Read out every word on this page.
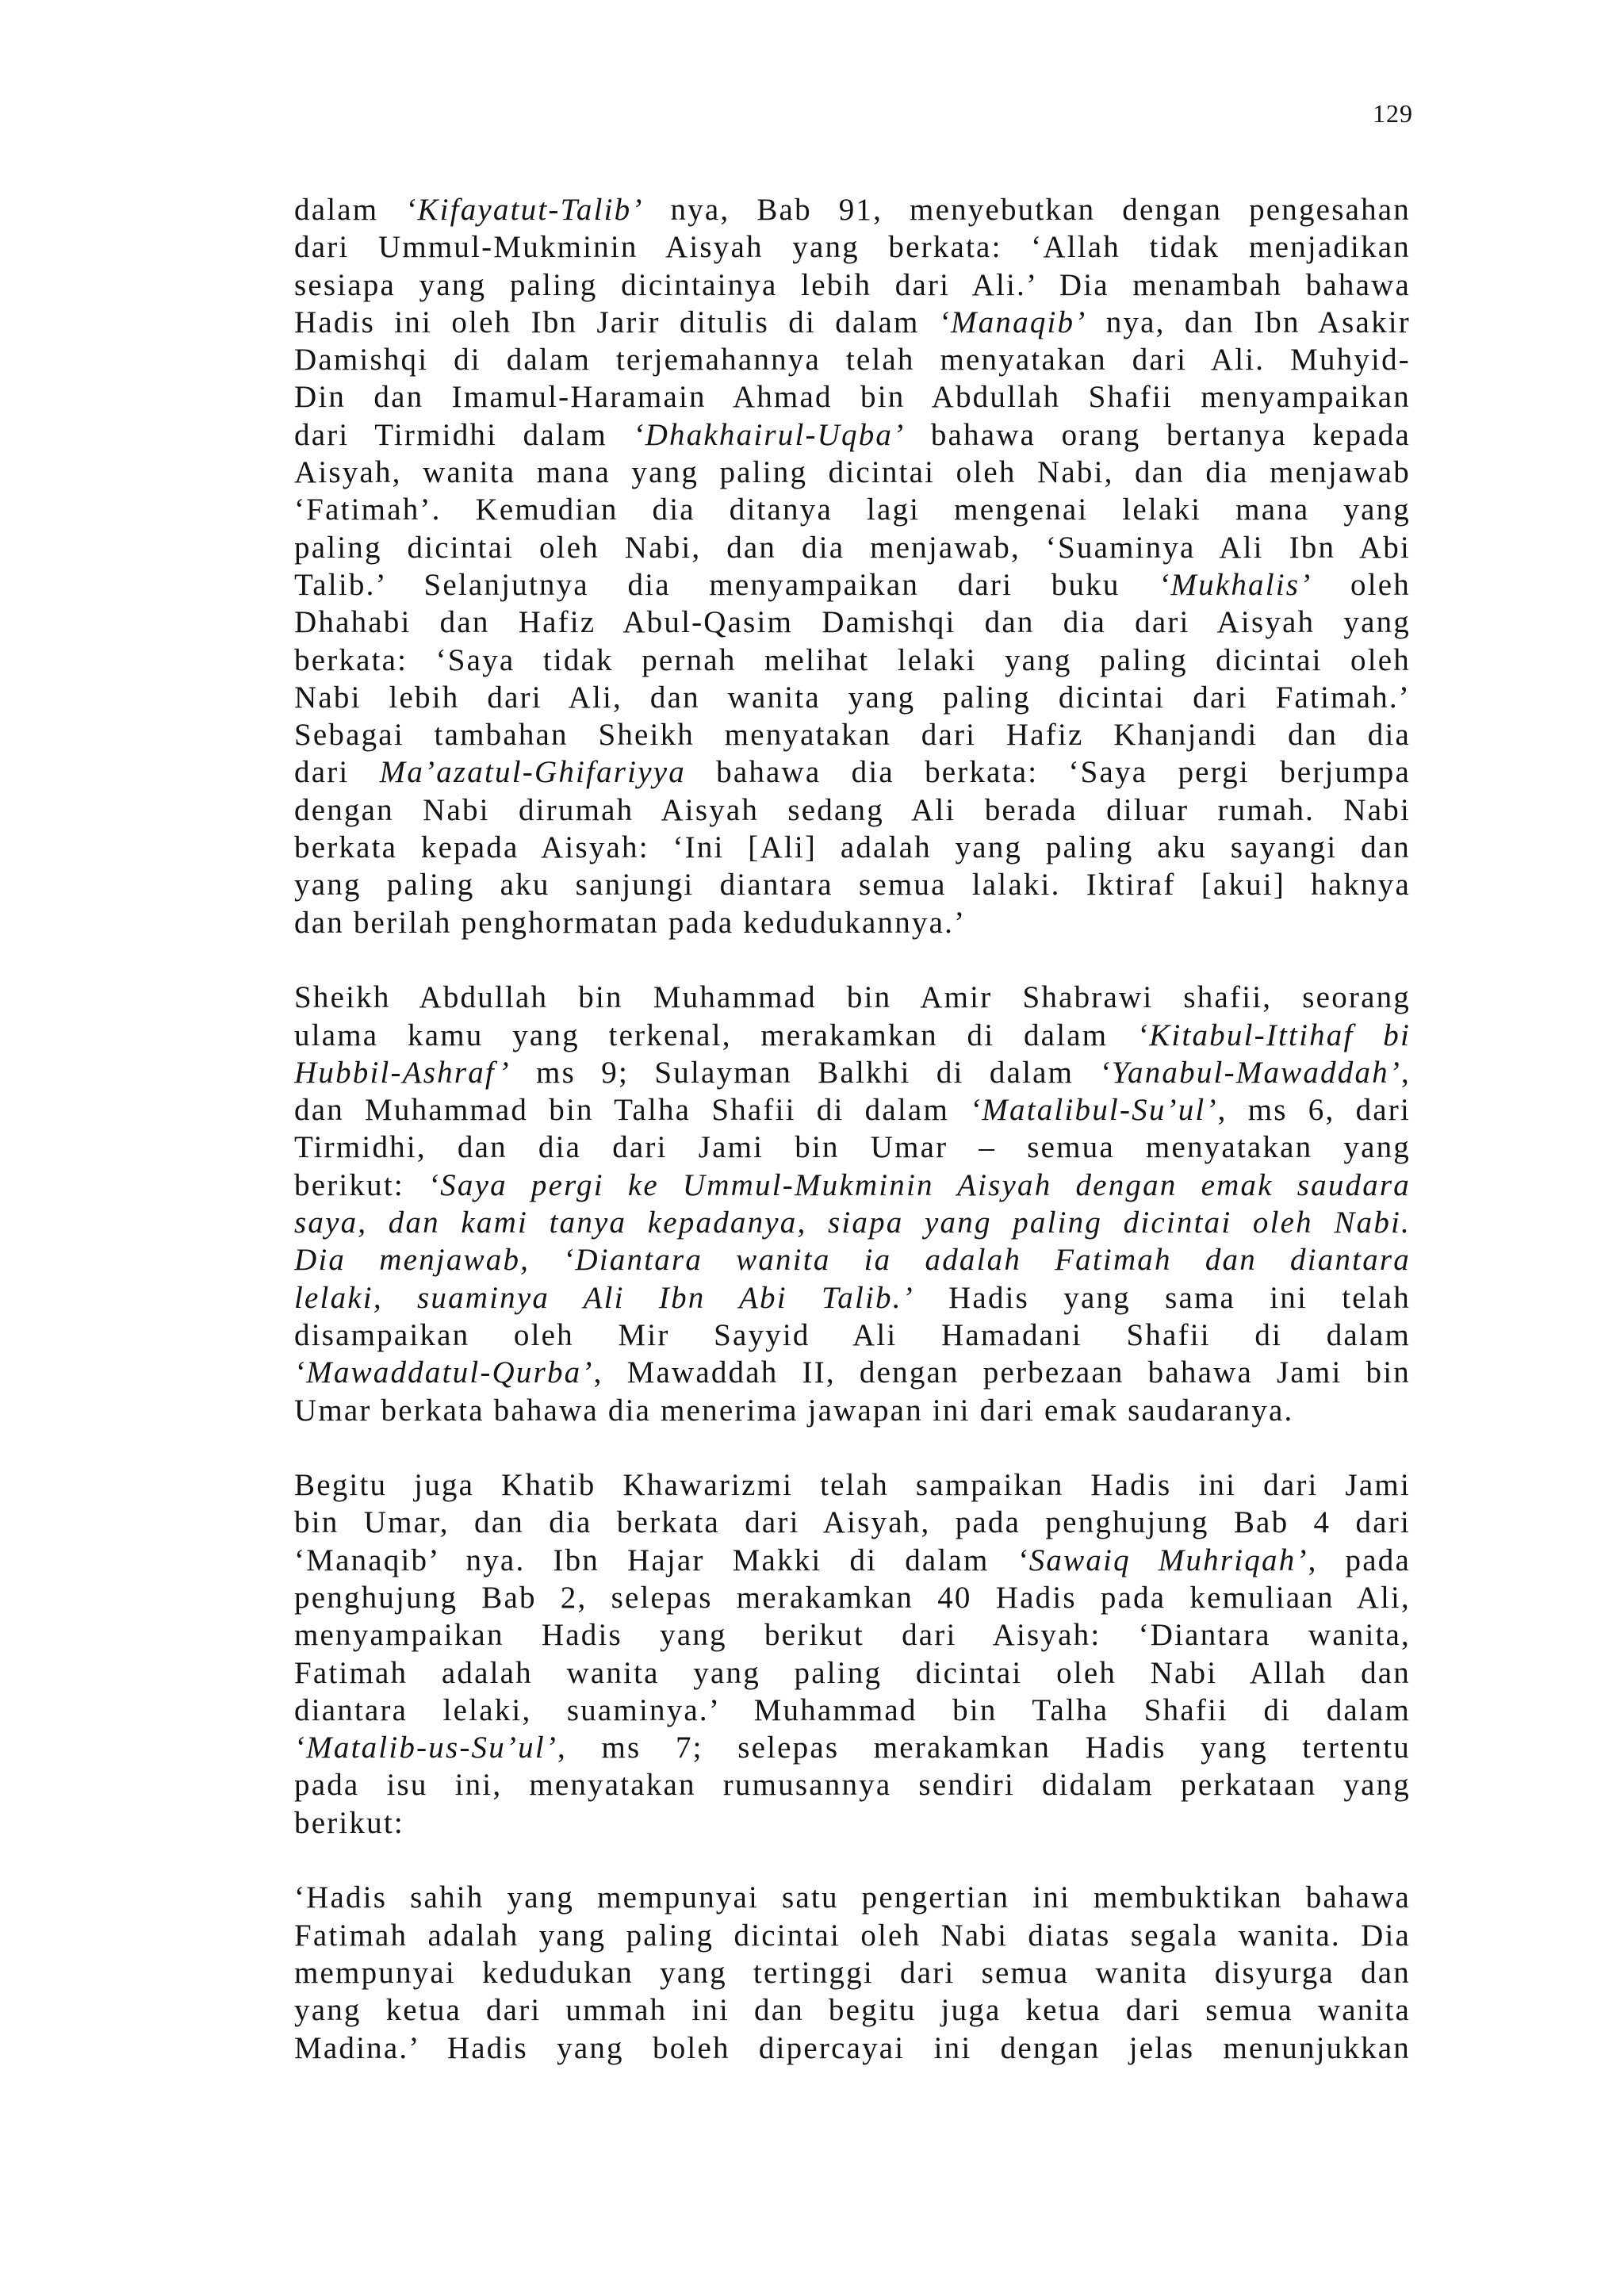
129
dalam ‘Kifayatut-Talib’ nya, Bab 91, menyebutkan dengan pengesahan
dari Ummul-Mukminin Aisyah yang berkata: ‘Allah tidak menjadikan
sesiapa yang paling dicintainya lebih dari Ali.’ Dia menambah bahawa
Hadis ini oleh Ibn Jarir ditulis di dalam ‘Manaqib’ nya, dan Ibn Asakir
Damishqi di dalam terjemahannya telah menyatakan dari Ali. Muhyid-
Din dan Imamul-Haramain Ahmad bin Abdullah Shafii menyampaikan
dari Tirmidhi dalam ‘Dhakhairul-Uqba’ bahawa orang bertanya kepada
Aisyah, wanita mana yang paling dicintai oleh Nabi, dan dia menjawab
‘Fatimah’. Kemudian dia ditanya lagi mengenai lelaki mana yang
paling dicintai oleh Nabi, dan dia menjawab, ‘Suaminya Ali Ibn Abi
Talib.’ Selanjutnya dia menyampaikan dari buku ‘Mukhalis’ oleh
Dhahabi dan Hafiz Abul-Qasim Damishqi dan dia dari Aisyah yang
berkata: ‘Saya tidak pernah melihat lelaki yang paling dicintai oleh
Nabi lebih dari Ali, dan wanita yang paling dicintai dari Fatimah.’
Sebagai tambahan Sheikh menyatakan dari Hafiz Khanjandi dan dia
dari Ma’azatul-Ghifariyya bahawa dia berkata: ‘Saya pergi berjumpa
dengan Nabi dirumah Aisyah sedang Ali berada diluar rumah. Nabi
berkata kepada Aisyah: ‘Ini [Ali] adalah yang paling aku sayangi dan
yang paling aku sanjungi diantara semua lalaki. Iktiraf [akui] haknya
dan berilah penghormatan pada kedudukannya.’
Sheikh Abdullah bin Muhammad bin Amir Shabrawi shafii, seorang
ulama kamu yang terkenal, merakamkan di dalam ‘Kitabul-Ittihaf bi
Hubbil-Ashraf’ ms 9; Sulayman Balkhi di dalam ‘Yanabul-Mawaddah’,
dan Muhammad bin Talha Shafii di dalam ‘Matalibul-Su’ul’, ms 6, dari
Tirmidhi, dan dia dari Jami bin Umar – semua menyatakan yang
berikut: ‘Saya pergi ke Ummul-Mukminin Aisyah dengan emak saudara
saya, dan kami tanya kepadanya, siapa yang paling dicintai oleh Nabi.
Dia menjawab, ‘Diantara wanita ia adalah Fatimah dan diantara
lelaki, suaminya Ali Ibn Abi Talib.’ Hadis yang sama ini telah
disampaikan oleh Mir Sayyid Ali Hamadani Shafii di dalam
‘Mawaddatul-Qurba’, Mawaddah II, dengan perbezaan bahawa Jami bin
Umar berkata bahawa dia menerima jawapan ini dari emak saudaranya.
Begitu juga Khatib Khawarizmi telah sampaikan Hadis ini dari Jami
bin Umar, dan dia berkata dari Aisyah, pada penghujung Bab 4 dari
‘Manaqib’ nya. Ibn Hajar Makki di dalam ‘Sawaiq Muhriqah’, pada
penghujung Bab 2, selepas merakamkan 40 Hadis pada kemuliaan Ali,
menyampaikan Hadis yang berikut dari Aisyah: ‘Diantara wanita,
Fatimah adalah wanita yang paling dicintai oleh Nabi Allah dan
diantara lelaki, suaminya.’ Muhammad bin Talha Shafii di dalam
‘Matalib-us-Su’ul’, ms 7; selepas merakamkan Hadis yang tertentu
pada isu ini, menyatakan rumusannya sendiri didalam perkataan yang
berikut:
‘Hadis sahih yang mempunyai satu pengertian ini membuktikan bahawa
Fatimah adalah yang paling dicintai oleh Nabi diatas segala wanita. Dia
mempunyai kedudukan yang tertinggi dari semua wanita disyurga dan
yang ketua dari ummah ini dan begitu juga ketua dari semua wanita
Madina.’ Hadis yang boleh dipercayai ini dengan jelas menunjukkan
